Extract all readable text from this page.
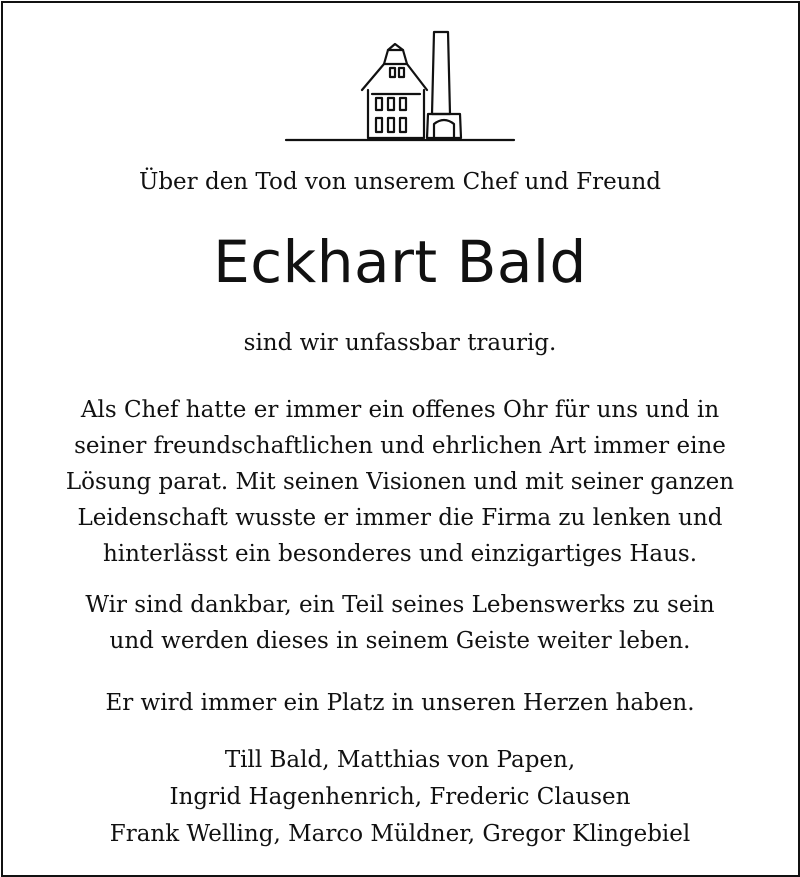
Über den Tod von unserem Chef und Freund
Eckhart Bald
sind wir unfassbar traurig.
Als Chef hatte er immer ein offenes Ohr für uns und in
seiner freundschaftlichen und ehrlichen Art immer eine
Lösung parat. Mit seinen Visionen und mit seiner ganzen
Leidenschaft wusste er immer die Firma zu lenken und
hinterlässt ein besonderes und einzigartiges Haus.
Wir sind dankbar, ein Teil seines Lebenswerks zu sein
und werden dieses in seinem Geiste weiter leben.
Er wird immer ein Platz in unseren Herzen haben.
Till Bald, Matthias von Papen,
Ingrid Hagenhenrich, Frederic Clausen
Frank Welling, Marco Müldner, Gregor Klingebiel
